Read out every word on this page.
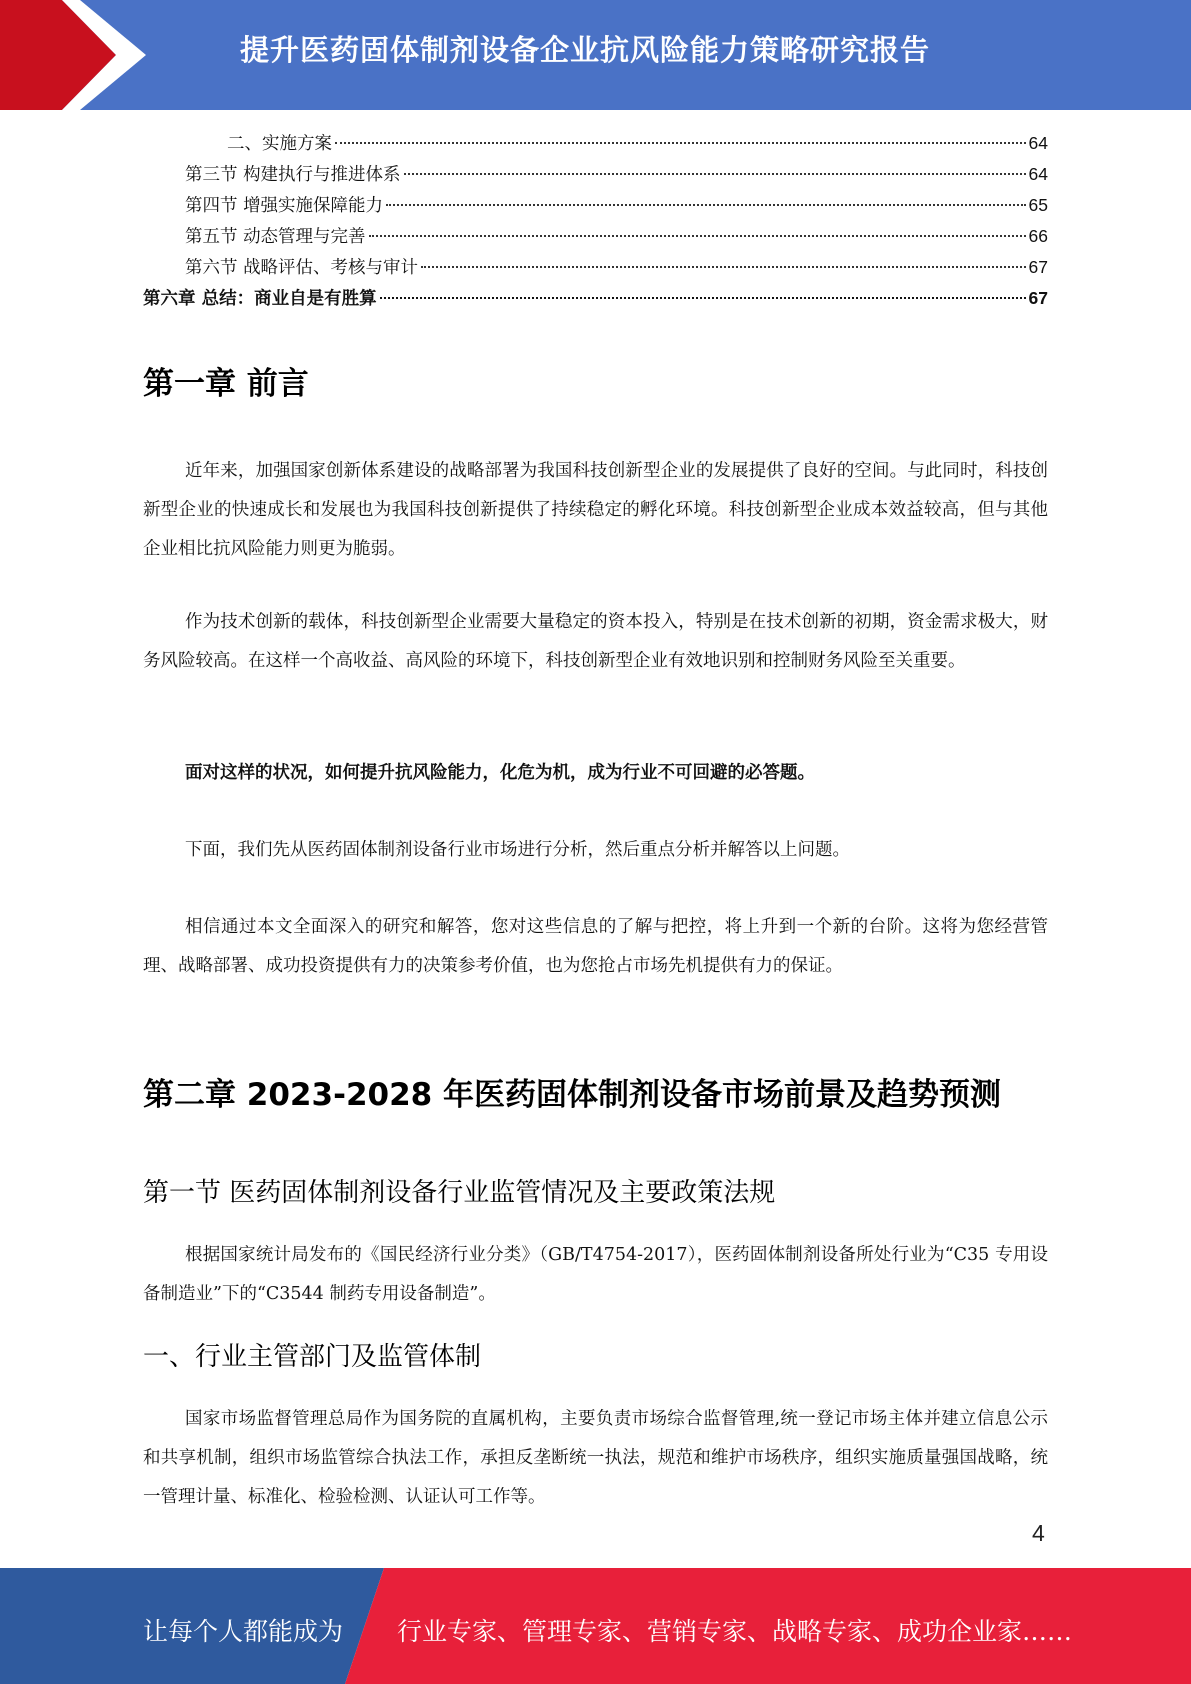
提升医药固体制剂设备企业抗风险能力策略研究报告
二、实施方案	64
第三节 构建执行与推进体系	64
第四节 增强实施保障能力	65
第五节 动态管理与完善	66
第六节 战略评估、考核与审计	67
第六章 总结：商业自是有胜算	67
第一章 前言

近年来，加强国家创新体系建设的战略部署为我国科技创新型企业的发展提供了良好的空间。与此同时，科技创新型企业的快速成长和发展也为我国科技创新提供了持续稳定的孵化环境。科技创新型企业成本效益较高，但与其他企业相比抗风险能力则更为脆弱。

作为技术创新的载体，科技创新型企业需要大量稳定的资本投入，特别是在技术创新的初期，资金需求极大，财务风险较高。在这样一个高收益、高风险的环境下，科技创新型企业有效地识别和控制财务风险至关重要。

面对这样的状况，如何提升抗风险能力，化危为机，成为行业不可回避的必答题。

下面，我们先从医药固体制剂设备行业市场进行分析，然后重点分析并解答以上问题。

相信通过本文全面深入的研究和解答，您对这些信息的了解与把控，将上升到一个新的台阶。这将为您经营管理、战略部署、成功投资提供有力的决策参考价值，也为您抢占市场先机提供有力的保证。

第二章 2023-2028 年医药固体制剂设备市场前景及趋势预测
第一节 医药固体制剂设备行业监管情况及主要政策法规

根据国家统计局发布的《国民经济行业分类》（GB/T4754-2017），医药固体制剂设备所处行业为“C35 专用设备制造业”下的“C3544 制药专用设备制造”。

一、行业主管部门及监管体制

国家市场监督管理总局作为国务院的直属机构，主要负责市场综合监督管理,统一登记市场主体并建立信息公示和共享机制，组织市场监管综合执法工作，承担反垄断统一执法，规范和维护市场秩序，组织实施质量强国战略，统一管理计量、标准化、检验检测、认证认可工作等。

4
让每个人都能成为 行业专家、管理专家、营销专家、战略专家、成功企业家……
